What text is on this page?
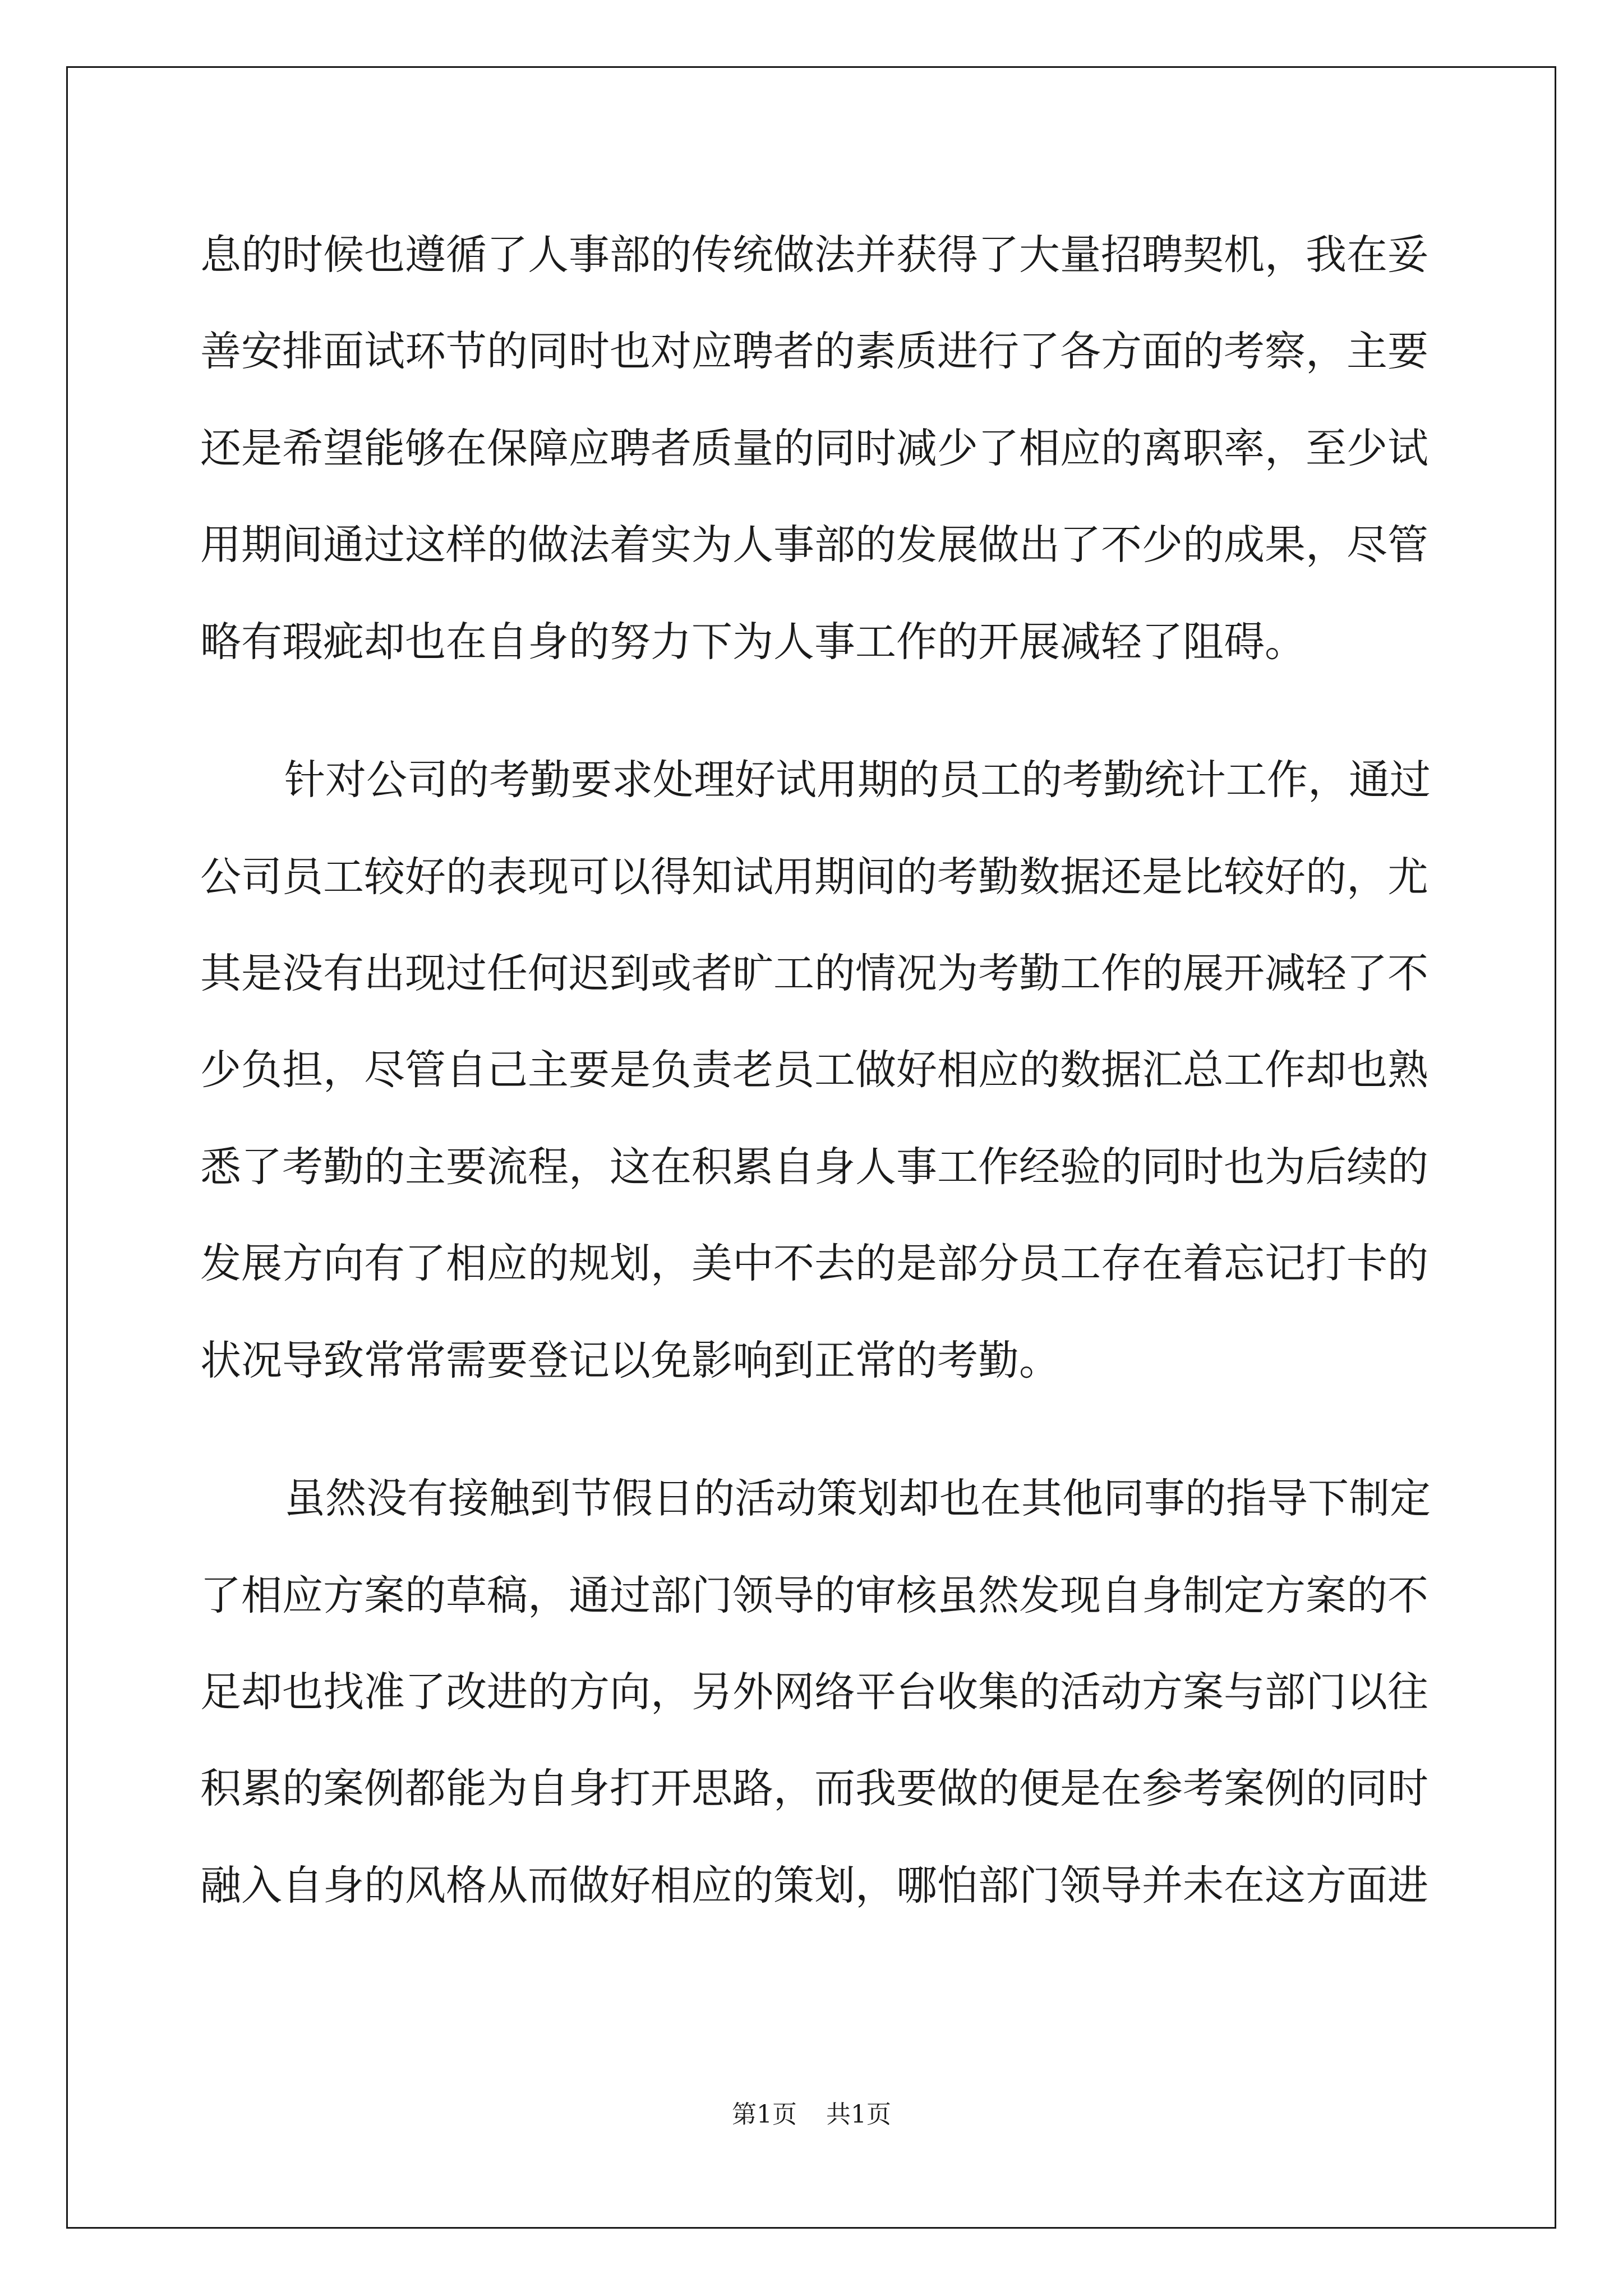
息的时候也遵循了人事部的传统做法并获得了大量招聘契机，我在妥
善安排面试环节的同时也对应聘者的素质进行了各方面的考察，主要
还是希望能够在保障应聘者质量的同时减少了相应的离职率，至少试
用期间通过这样的做法着实为人事部的发展做出了不少的成果，尽管
略有瑕疵却也在自身的努力下为人事工作的开展减轻了阻碍。
针对公司的考勤要求处理好试用期的员工的考勤统计工作，通过
公司员工较好的表现可以得知试用期间的考勤数据还是比较好的，尤
其是没有出现过任何迟到或者旷工的情况为考勤工作的展开减轻了不
少负担，尽管自己主要是负责老员工做好相应的数据汇总工作却也熟
悉了考勤的主要流程，这在积累自身人事工作经验的同时也为后续的
发展方向有了相应的规划，美中不去的是部分员工存在着忘记打卡的
状况导致常常需要登记以免影响到正常的考勤。
虽然没有接触到节假日的活动策划却也在其他同事的指导下制定
了相应方案的草稿，通过部门领导的审核虽然发现自身制定方案的不
足却也找准了改进的方向，另外网络平台收集的活动方案与部门以往
积累的案例都能为自身打开思路，而我要做的便是在参考案例的同时
融入自身的风格从而做好相应的策划，哪怕部门领导并未在这方面进
第1页 共1页
